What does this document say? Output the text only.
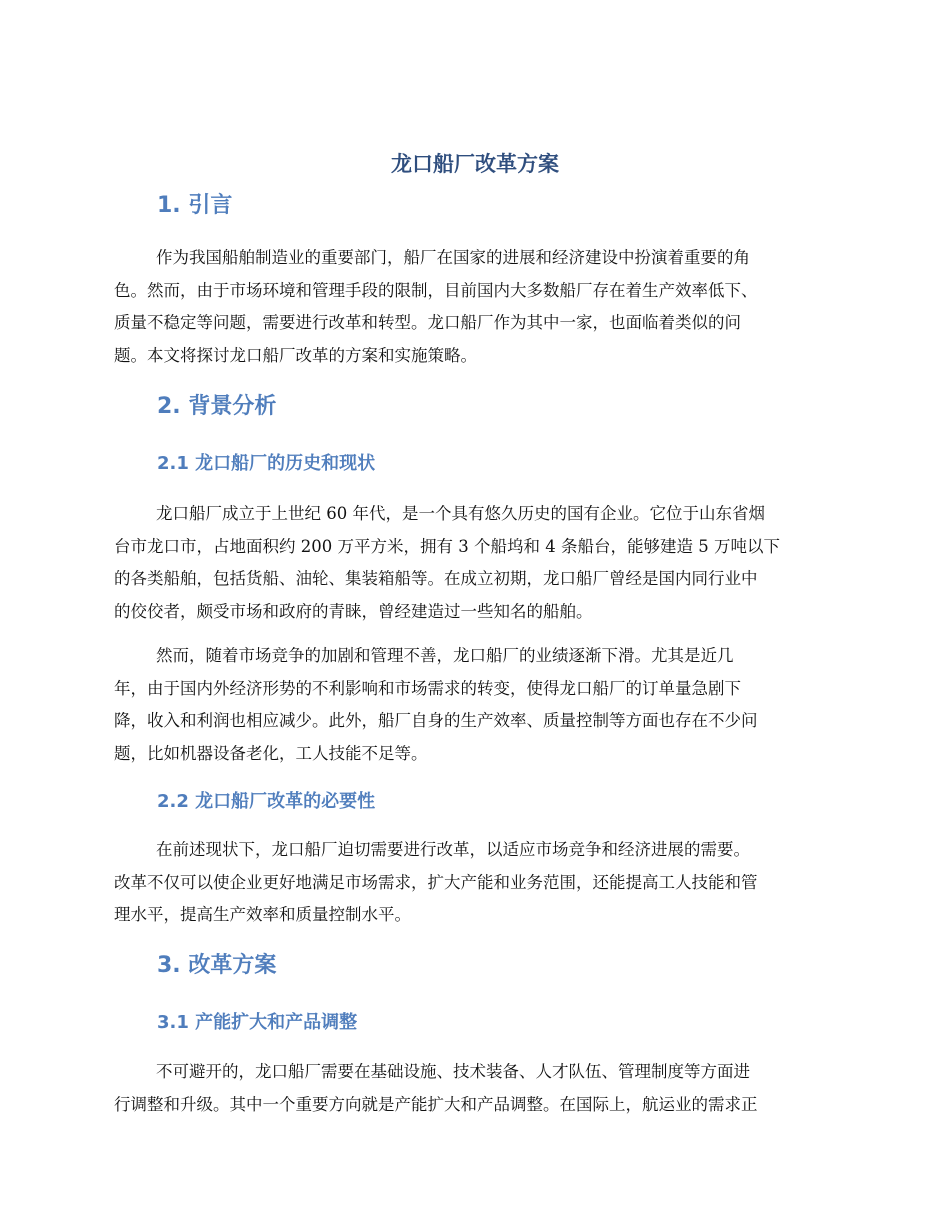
龙口船厂改革方案
1. 引言

作为我国船舶制造业的重要部门，船厂在国家的进展和经济建设中扮演着重要的角
色。然而，由于市场环境和管理手段的限制，目前国内大多数船厂存在着生产效率低下、
质量不稳定等问题，需要进行改革和转型。龙口船厂作为其中一家，也面临着类似的问
题。本文将探讨龙口船厂改革的方案和实施策略。

2. 背景分析
2.1 龙口船厂的历史和现状

龙口船厂成立于上世纪 60 年代，是一个具有悠久历史的国有企业。它位于山东省烟
台市龙口市，占地面积约 200 万平方米，拥有 3 个船坞和 4 条船台，能够建造 5 万吨以下
的各类船舶，包括货船、油轮、集装箱船等。在成立初期，龙口船厂曾经是国内同行业中
的佼佼者，颇受市场和政府的青睐，曾经建造过一些知名的船舶。

然而，随着市场竞争的加剧和管理不善，龙口船厂的业绩逐渐下滑。尤其是近几
年，由于国内外经济形势的不利影响和市场需求的转变，使得龙口船厂的订单量急剧下
降，收入和利润也相应减少。此外，船厂自身的生产效率、质量控制等方面也存在不少问
题，比如机器设备老化，工人技能不足等。

2.2 龙口船厂改革的必要性

在前述现状下，龙口船厂迫切需要进行改革，以适应市场竞争和经济进展的需要。
改革不仅可以使企业更好地满足市场需求，扩大产能和业务范围，还能提高工人技能和管
理水平，提高生产效率和质量控制水平。

3. 改革方案
3.1 产能扩大和产品调整

不可避开的，龙口船厂需要在基础设施、技术装备、人才队伍、管理制度等方面进
行调整和升级。其中一个重要方向就是产能扩大和产品调整。在国际上，航运业的需求正
